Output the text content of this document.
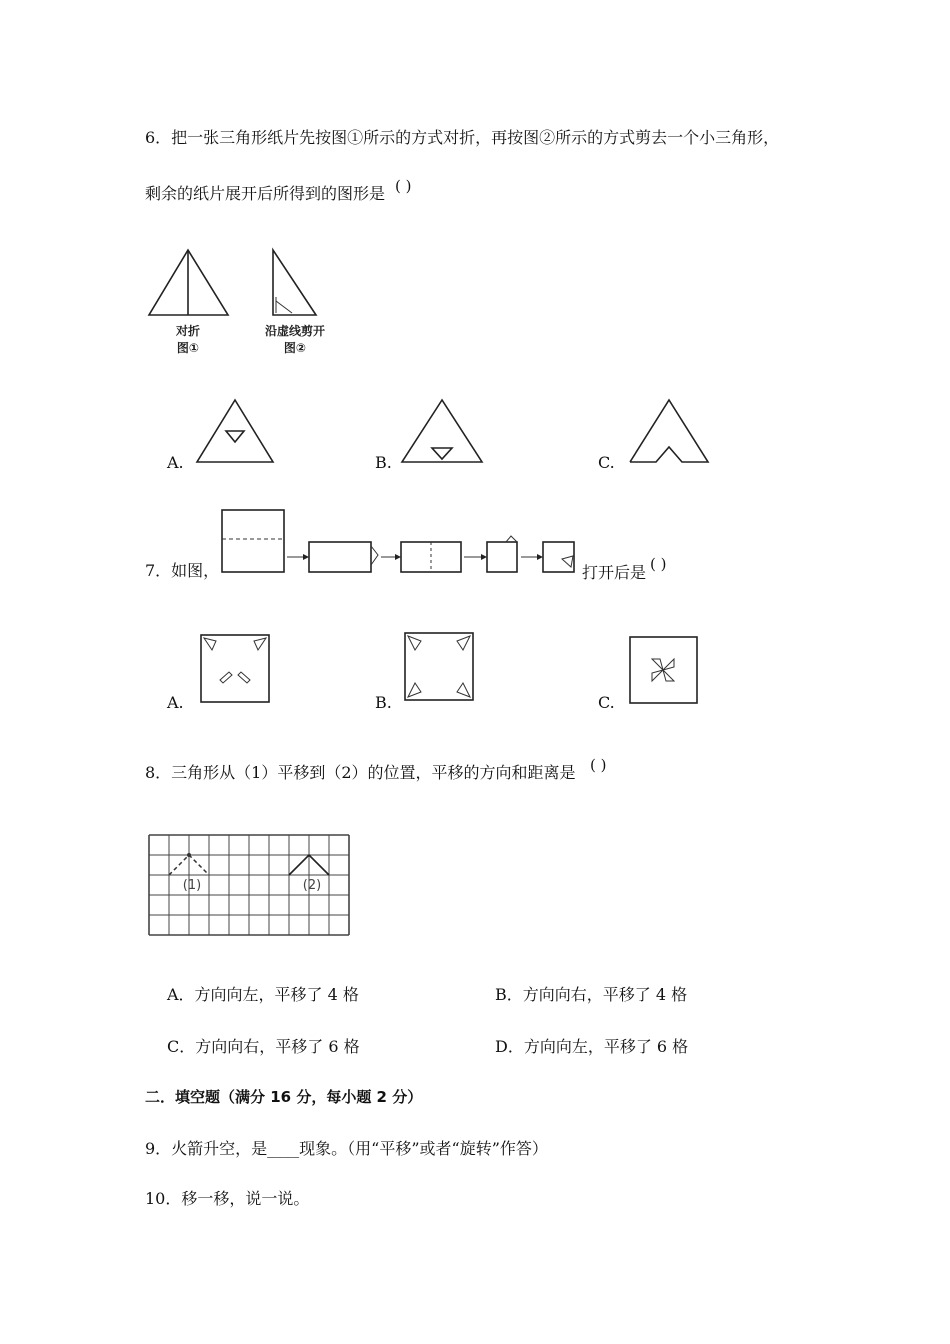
6．把一张三角形纸片先按图①所示的方式对折，再按图②所示的方式剪去一个小三角形，
剩余的纸片展开后所得到的图形是 ( )
对折
图①
沿虚线剪开
图②
A.	B.	C.
7．如图，	打开后是 ( )
A.	B.	C.
8．三角形从（1）平移到（2）的位置，平移的方向和距离是 ( )
(1)	(2)
A．方向向左，平移了 4 格	B．方向向右，平移了 4 格
C．方向向右，平移了 6 格	D．方向向左，平移了 6 格
二．填空题（满分 16 分，每小题 2 分）
9．火箭升空，是____现象。（用“平移”或者“旋转”作答）
10．移一移，说一说。
